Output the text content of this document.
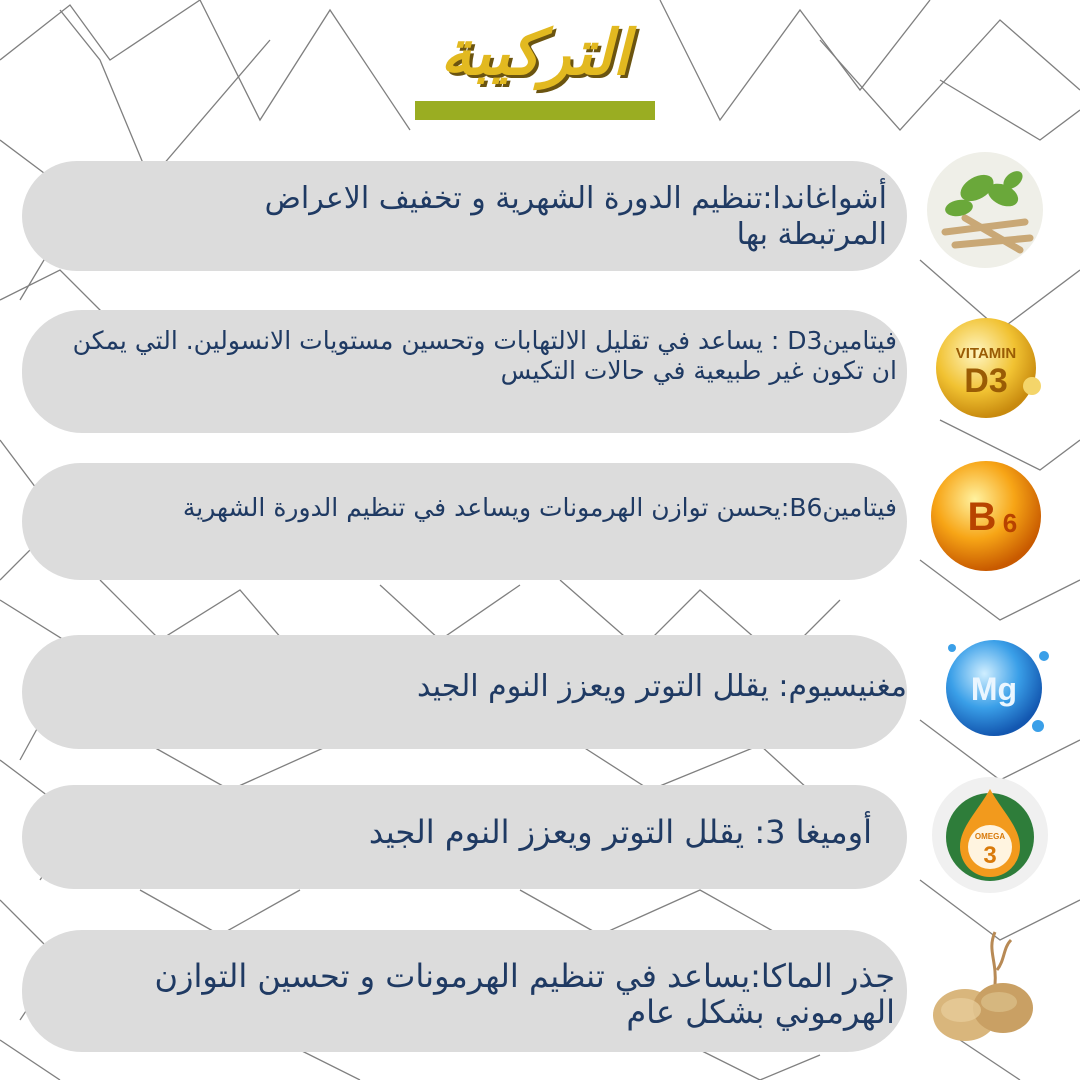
التركيبة
أشواغاندا:تنظيم الدورة الشهرية و تخفيف الاعراض المرتبطة بها
فيتامينD3 : يساعد في تقليل الالتهابات وتحسين مستويات الانسولين. التي يمكن ان تكون غير طبيعية في حالات التكيس
VITAMIN
D3
فيتامينB6:يحسن توازن الهرمونات ويساعد في تنظيم الدورة الشهرية B 6
مغنيسيوم: يقلل التوتر ويعزز النوم الجيد Mg
أوميغا 3: يقلل التوتر ويعزز النوم الجيد	OMEGA
3
جذر الماكا:يساعد في تنظيم الهرمونات و تحسين التوازن الهرموني بشكل عام
